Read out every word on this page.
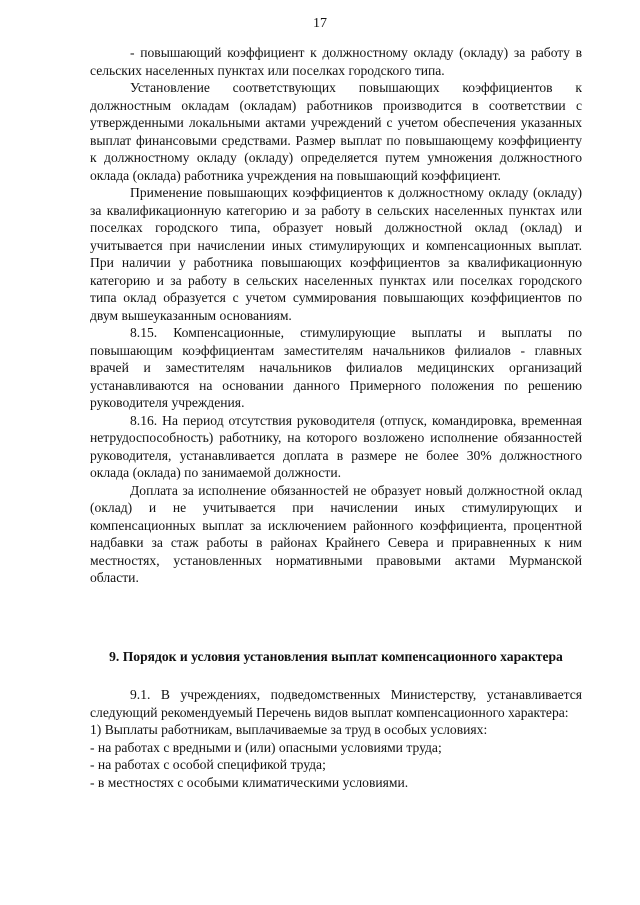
17

- повышающий коэффициент к должностному окладу (окладу) за работу в сельских населенных пунктах или поселках городского типа.

Установление соответствующих повышающих коэффициентов к должностным окладам (окладам) работников производится в соответствии с утвержденными локальными актами учреждений с учетом обеспечения указанных выплат финансовыми средствами. Размер выплат по повышающему коэффициенту к должностному окладу (окладу) определяется путем умножения должностного оклада (оклада) работника учреждения на повышающий коэффициент.

Применение повышающих коэффициентов к должностному окладу (окладу) за квалификационную категорию и за работу в сельских населенных пунктах или поселках городского типа, образует новый должностной оклад (оклад) и учитывается при начислении иных стимулирующих и компенсационных выплат. При наличии у работника повышающих коэффициентов за квалификационную категорию и за работу в сельских населенных пунктах или поселках городского типа оклад образуется с учетом суммирования повышающих коэффициентов по двум вышеуказанным основаниям.

8.15. Компенсационные, стимулирующие выплаты и выплаты по повышающим коэффициентам заместителям начальников филиалов - главных врачей и заместителям начальников филиалов медицинских организаций устанавливаются на основании данного Примерного положения по решению руководителя учреждения.

8.16. На период отсутствия руководителя (отпуск, командировка, временная нетрудоспособность) работнику, на которого возложено исполнение обязанностей руководителя, устанавливается доплата в размере не более 30% должностного оклада (оклада) по занимаемой должности.

Доплата за исполнение обязанностей не образует новый должностной оклад (оклад) и не учитывается при начислении иных стимулирующих и компенсационных выплат за исключением районного коэффициента, процентной надбавки за стаж работы в районах Крайнего Севера и приравненных к ним местностях, установленных нормативными правовыми актами Мурманской области.

9. Порядок и условия установления выплат компенсационного характера

9.1. В учреждениях, подведомственных Министерству, устанавливается следующий рекомендуемый Перечень видов выплат компенсационного характера:

1) Выплаты работникам, выплачиваемые за труд в особых условиях:

- на работах с вредными и (или) опасными условиями труда;

- на работах с особой спецификой труда;

- в местностях с особыми климатическими условиями.
